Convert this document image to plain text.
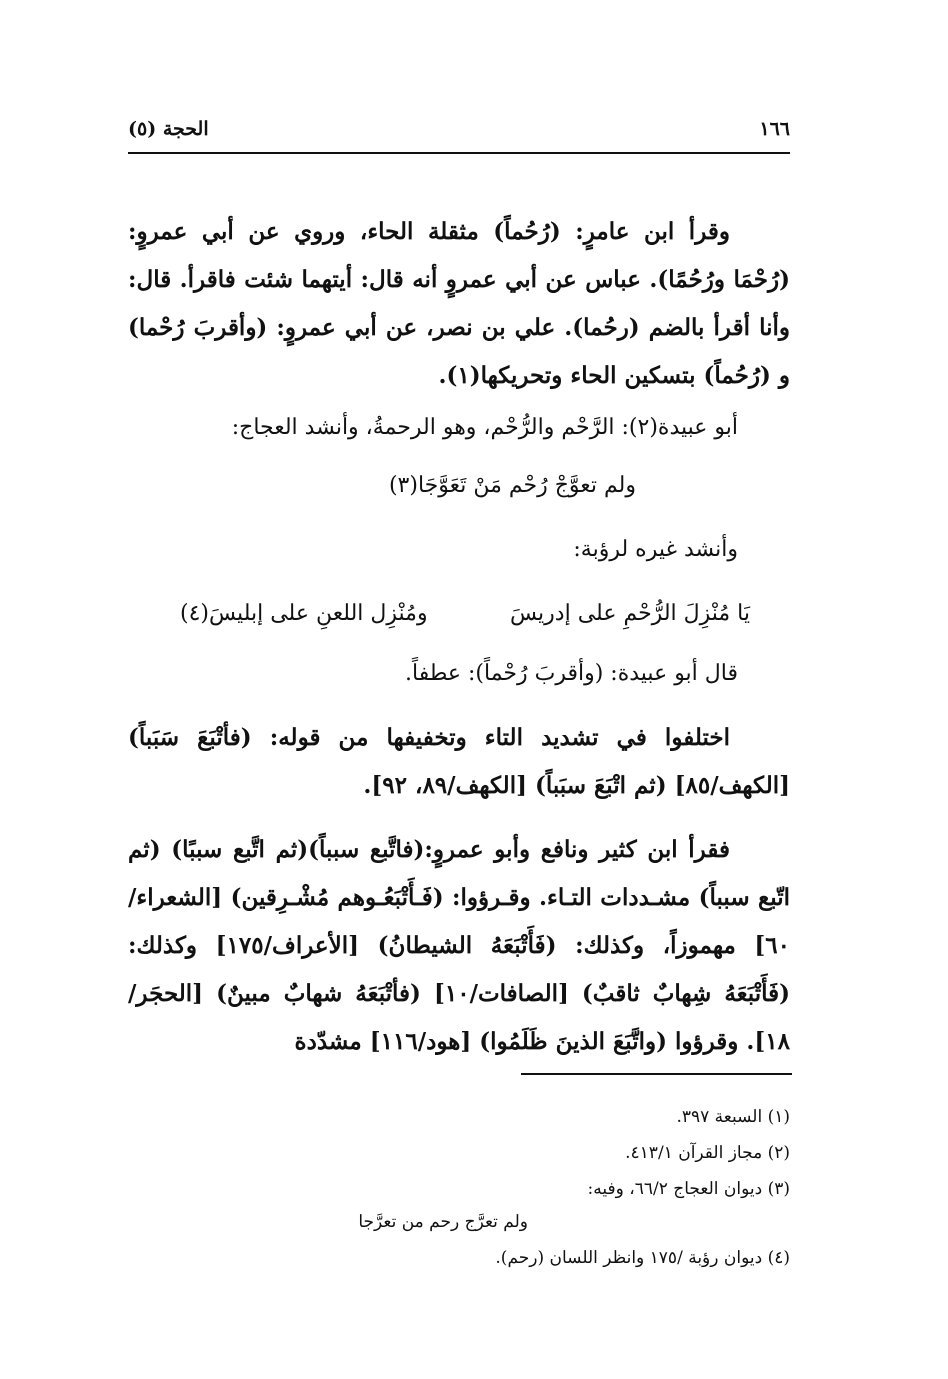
١٦٦
الحجة (٥)
وقرأ ابن عامرٍ: (رُحُماً) مثقلة الحاء، وروي عن أبي عمروٍ: (رُحْمَا ورُحُمًا). عباس عن أبي عمروٍ أنه قال: أيتهما شئت فاقرأ. قال: وأنا أقرأ بالضم (رحُما). علي بن نصر، عن أبي عمروٍ: (وأقربَ رُحْما) و (رُحُماً) بتسكين الحاء وتحريكها(١).
أبو عبيدة(٢): الرَّحْم والرُّحْم، وهو الرحمةُ، وأنشد العجاج:
ولم تعوَّجْ رُحْم مَنْ تَعَوَّجَا(٣)
وأنشد غيره لرؤبة:
يَا مُنْزِلَ الرُّحْمِ على إدريسَ
ومُنْزِل اللعنِ على إبليسَ(٤)
قال أبو عبيدة: (وأقربَ رُحْماً): عطفاً.
اختلفوا في تشديد التاء وتخفيفها من قوله: (فأتْبَعَ سَبَباً) [الكهف/٨٥] (ثم اتْبَعَ سبَباً) [الكهف/٨٩، ٩٢].
فقرأ ابن كثير ونافع وأبو عمروٍ:(فاتَّبع سبباً)(ثم اتَّبع سببًا) (ثم اتّبع سبباً) مشـددات التـاء. وقـرؤوا: (فَـأَتْبَعُـوهم مُشْـرِقين) [الشعراء/٦٠] مهموزاً، وكذلك: (فَأَتْبَعَهُ الشيطانُ) [الأعراف/١٧٥] وكذلك: (فَأَتْبَعَهُ شِهابٌ ثاقبٌ) [الصافات/١٠] (فأتْبَعَهُ شهابٌ مبينٌ) [الحجَر/١٨]. وقرؤوا (واتَّبَعَ الذينَ ظَلَمُوا) [هود/١١٦] مشدّدة
(١) السبعة ٣٩٧.
(٢) مجاز القرآن ٤١٣/١.
(٣) ديوان العجاج ٦٦/٢، وفيه:
ولم تعرَّج رحم من تعرَّجا
(٤) ديوان رؤبة /١٧٥ وانظر اللسان (رحم).
